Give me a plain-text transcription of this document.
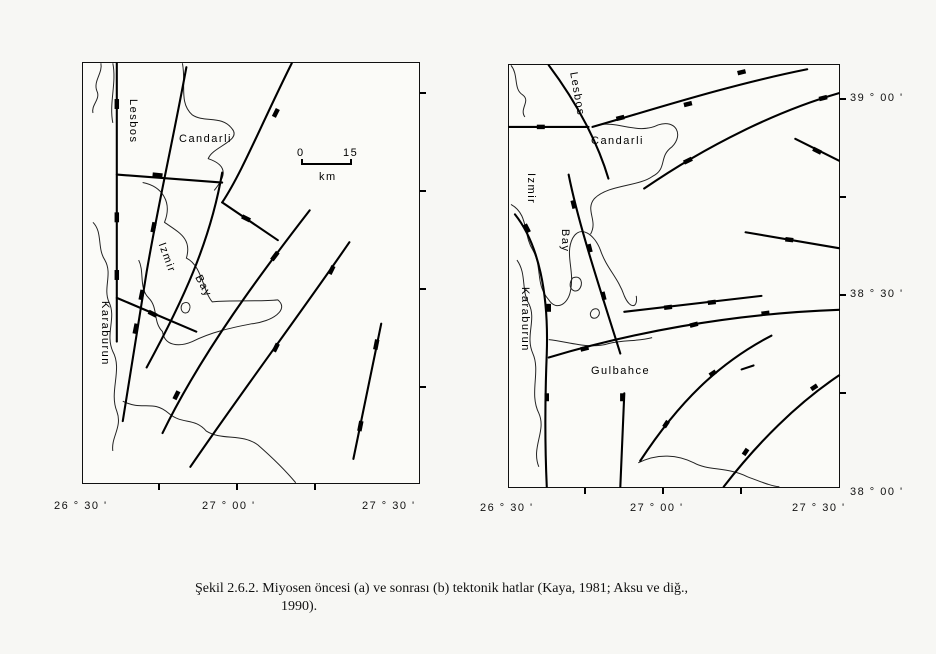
Lesbos	Candarli
Izmir
Bay
Karaburun
0	15
km
26 ° 30 '	27 ° 00 '	27 ° 30 '
Lesbos
Candarli
Izmir
Bay
Karaburun
Gulbahce
26 ° 30 '	27 ° 00 '	27 ° 30 '
39 ° 00 '
38 ° 30 '
38 ° 00 '
Şekil 2.6.2. Miyosen öncesi (a) ve sonrası (b) tektonik hatlar (Kaya, 1981; Aksu ve diğ.,
1990).
